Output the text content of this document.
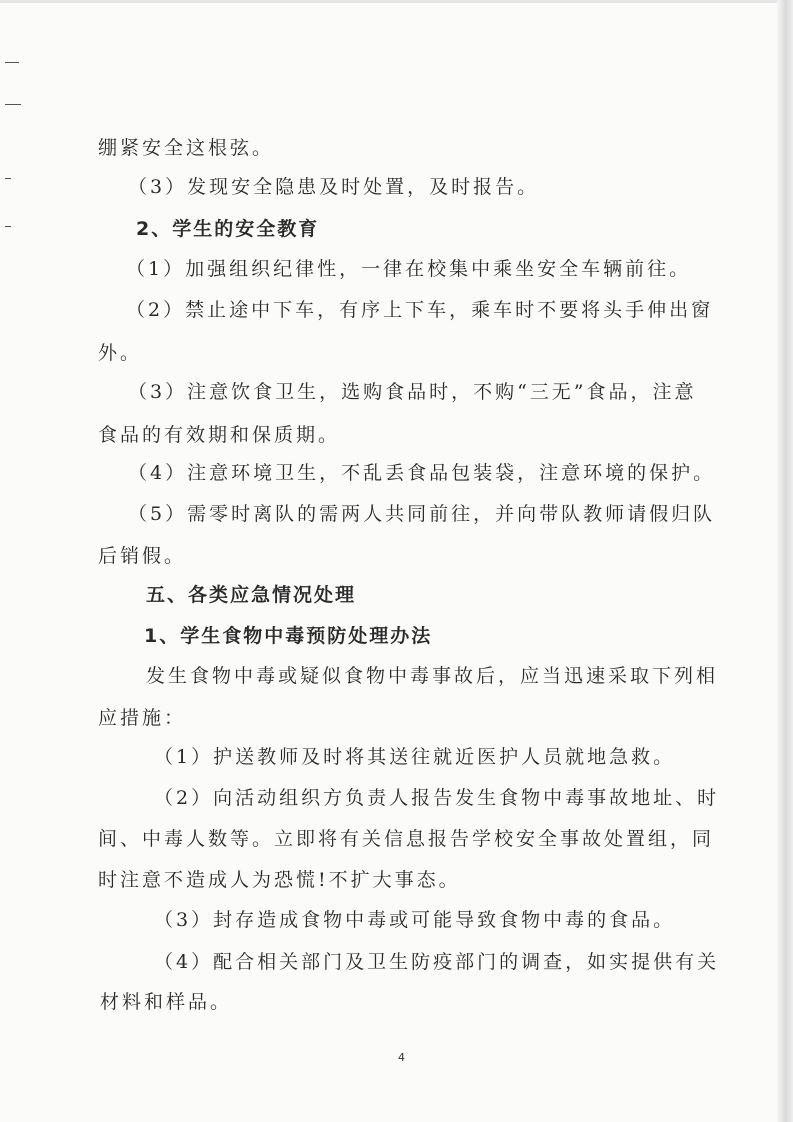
绷紧安全这根弦。

（3）发现安全隐患及时处置，及时报告。

2、学生的安全教育

（1）加强组织纪律性，一律在校集中乘坐安全车辆前往。

（2）禁止途中下车，有序上下车，乘车时不要将头手伸出窗

外。

（3）注意饮食卫生，选购食品时，不购“三无”食品，注意

食品的有效期和保质期。

（4）注意环境卫生，不乱丢食品包装袋，注意环境的保护。

（5）需零时离队的需两人共同前往，并向带队教师请假归队

后销假。

五、各类应急情况处理

1、学生食物中毒预防处理办法

发生食物中毒或疑似食物中毒事故后，应当迅速采取下列相

应措施：

（1）护送教师及时将其送往就近医护人员就地急救。

（2）向活动组织方负责人报告发生食物中毒事故地址、时

间、中毒人数等。立即将有关信息报告学校安全事故处置组，同

时注意不造成人为恐慌!不扩大事态。

（3）封存造成食物中毒或可能导致食物中毒的食品。

（4）配合相关部门及卫生防疫部门的调查，如实提供有关

材料和样品。

4
